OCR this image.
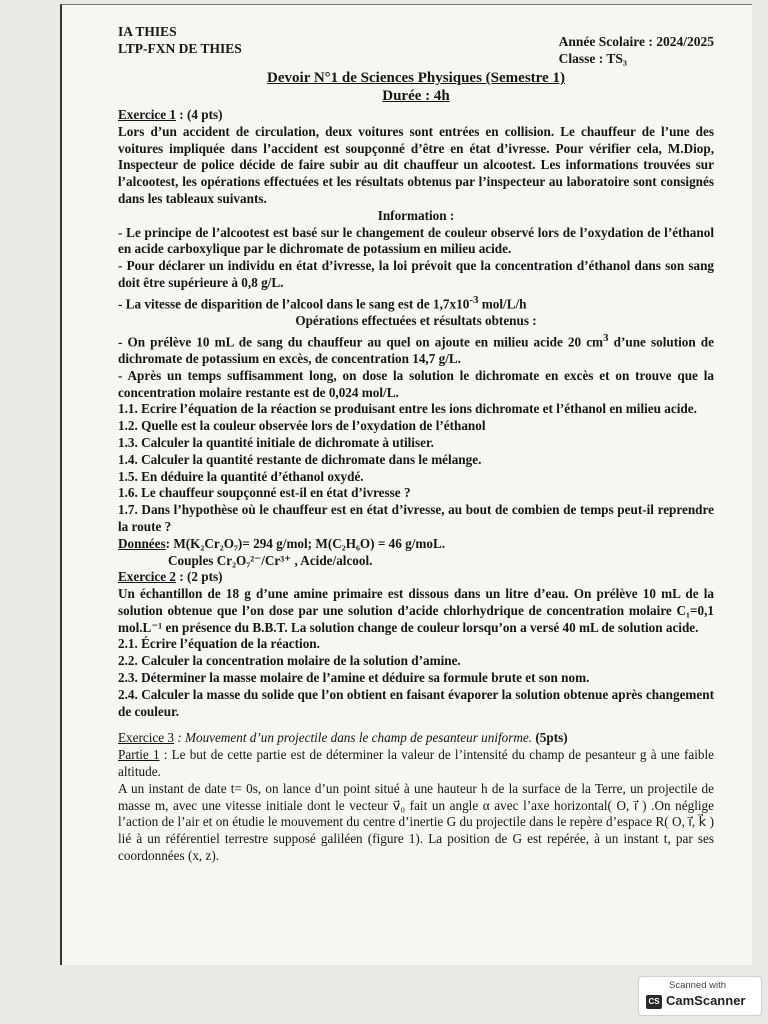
IA THIES
LTP-FXN DE THIES	Année Scolaire : 2024/2025
Classe : TS₃
Devoir N°1 de Sciences Physiques (Semestre 1)
Durée : 4h

Exercice 1 : (4 pts)

Lors d’un accident de circulation, deux voitures sont entrées en collision. Le chauffeur de l’une des voitures impliquée dans l’accident est soupçonné d’être en état d’ivresse. Pour vérifier cela, M.Diop, Inspecteur de police décide de faire subir au dit chauffeur un alcootest. Les informations trouvées sur l’alcootest, les opérations effectuées et les résultats obtenus par l’inspecteur au laboratoire sont consignés dans les tableaux suivants.

Information :

- Le principe de l’alcootest est basé sur le changement de couleur observé lors de l’oxydation de l’éthanol en acide carboxylique par le dichromate de potassium en milieu acide.

- Pour déclarer un individu en état d’ivresse, la loi prévoit que la concentration d’éthanol dans son sang doit être supérieure à 0,8 g/L.

- La vitesse de disparition de l’alcool dans le sang est de $1,7x10^{-3}$ mol/L/h

Opérations effectuées et résultats obtenus :

- On prélève 10 mL de sang du chauffeur au quel on ajoute en milieu acide 20 $cm^3$ d’une solution de dichromate de potassium en excès, de concentration 14,7 g/L.

- Après un temps suffisamment long, on dose la solution le dichromate en excès et on trouve que la concentration molaire restante est de 0,024 mol/L.

1.1. Ecrire l’équation de la réaction se produisant entre les ions dichromate et l’éthanol en milieu acide.

1.2. Quelle est la couleur observée lors de l’oxydation de l’éthanol

1.3. Calculer la quantité initiale de dichromate à utiliser.

1.4. Calculer la quantité restante de dichromate dans le mélange.

1.5. En déduire la quantité d’éthanol oxydé.

1.6. Le chauffeur soupçonné est-il en état d’ivresse ?

1.7. Dans l’hypothèse où le chauffeur est en état d’ivresse, au bout de combien de temps peut-il reprendre la route ?

Données: M(K₂Cr₂O₇)= 294 g/mol; M(C₂H₆O) = 46 g/moL.

Couples Cr₂O₇²⁻/Cr³⁺ , Acide/alcool.

Exercice 2 : (2 pts)

Un échantillon de 18 g d’une amine primaire est dissous dans un litre d’eau. On prélève 10 mL de la solution obtenue que l’on dose par une solution d’acide chlorhydrique de concentration molaire C₁=0,1 mol.L⁻¹ en présence du B.B.T. La solution change de couleur lorsqu’on a versé 40 mL de solution acide.

2.1. Écrire l’équation de la réaction.

2.2. Calculer la concentration molaire de la solution d’amine.

2.3. Déterminer la masse molaire de l’amine et déduire sa formule brute et son nom.

2.4. Calculer la masse du solide que l’on obtient en faisant évaporer la solution obtenue après changement de couleur.

Exercice 3 : Mouvement d’un projectile dans le champ de pesanteur uniforme. (5pts)

Partie 1 : Le but de cette partie est de déterminer la valeur de l’intensité du champ de pesanteur g à une faible altitude.

A un instant de date t= 0s, on lance d’un point situé à une hauteur h de la surface de la Terre, un projectile de masse m, avec une vitesse initiale dont le vecteur v⃗₀ fait un angle α avec l’axe horizontal( O, i⃗ ) .On néglige l’action de l’air et on étudie le mouvement du centre d’inertie G du projectile dans le repère d’espace R( O, i⃗, k⃗ ) lié à un référentiel terrestre supposé galiléen (figure 1). La position de G est repérée, à un instant t, par ses coordonnées (x, z).

Scanned with
CS CamScanner
